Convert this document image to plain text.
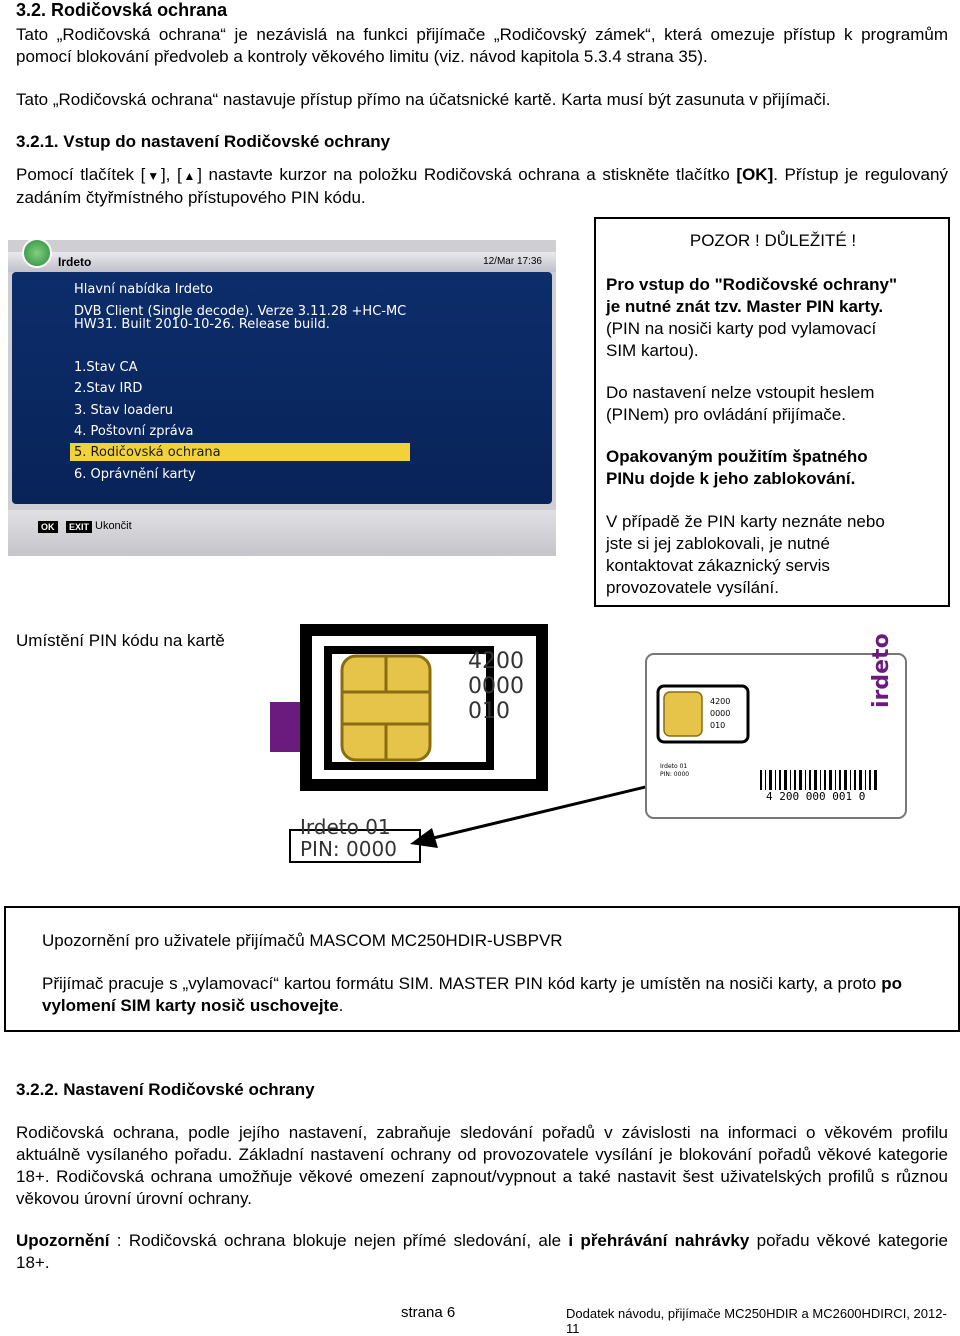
3.2. Rodičovská ochrana
Tato „Rodičovská ochrana“ je nezávislá na funkci přijímače „Rodičovský zámek“, která omezuje přístup k programům pomocí blokování předvoleb a kontroly věkového limitu (viz. návod kapitola 5.3.4 strana 35).
Tato „Rodičovská ochrana“ nastavuje přístup přímo na účatsnické kartě. Karta musí být zasunuta v přijímači.
3.2.1. Vstup do nastavení Rodičovské ochrany
Pomocí tlačítek [▼], [▲] nastavte kurzor na položku Rodičovská ochrana a stiskněte tlačítko [OK]. Přístup je regulovaný zadáním čtyřmístného přístupového PIN kódu.
Irdeto	12/Mar 17:36
Hlavní nabídka Irdeto
DVB Client (Single decode). Verze 3.11.28 +HC-MC
HW31. Built 2010-10-26. Release build.
1.Stav CA
2.Stav IRD
3. Stav loaderu
4. Poštovní zpráva
5. Rodičovská ochrana
6. Oprávnění karty
OK	EXIT Ukončit
POZOR ! DŮLEŽITÉ !
Pro vstup do "Rodičovské ochrany"
je nutné znát tzv. Master PIN karty.
(PIN na nosiči karty pod vylamovací
SIM kartou).
Do nastavení nelze vstoupit heslem
(PINem) pro ovládání přijímače.
Opakovaným použitím špatného
PINu dojde k jeho zablokování.
V případě že PIN karty neznáte nebo
jste si jej zablokovali, je nutné
kontaktovat zákaznický servis
provozovatele vysílání.
Umístění PIN kódu na kartě
4200
0000
010
Irdeto 01
PIN: 0000
4200
0000
010
Irdeto 01
PIN: 0000
4 200 000 001 0
irdeto
Upozornění pro uživatele přijímačů MASCOM MC250HDIR-USBPVR
Přijímač pracuje s „vylamovací“ kartou formátu SIM. MASTER PIN kód karty je umístěn na nosiči karty, a proto po vylomení SIM karty nosič uschovejte.
3.2.2. Nastavení Rodičovské ochrany
Rodičovská ochrana, podle jejího nastavení, zabraňuje sledování pořadů v závislosti na informaci o věkovém profilu aktuálně vysílaného pořadu. Základní nastavení ochrany od provozovatele vysílání je blokování pořadů věkové kategorie 18+. Rodičovská ochrana umožňuje věkové omezení zapnout/vypnout a také nastavit šest uživatelských profilů s různou věkovou úrovní úrovní ochrany.
Upozornění : Rodičovská ochrana blokuje nejen přímé sledování, ale i přehrávání nahrávky pořadu věkové kategorie 18+.
strana 6	Dodatek návodu, přijímače MC250HDIR a MC2600HDIRCI, 2012-11
